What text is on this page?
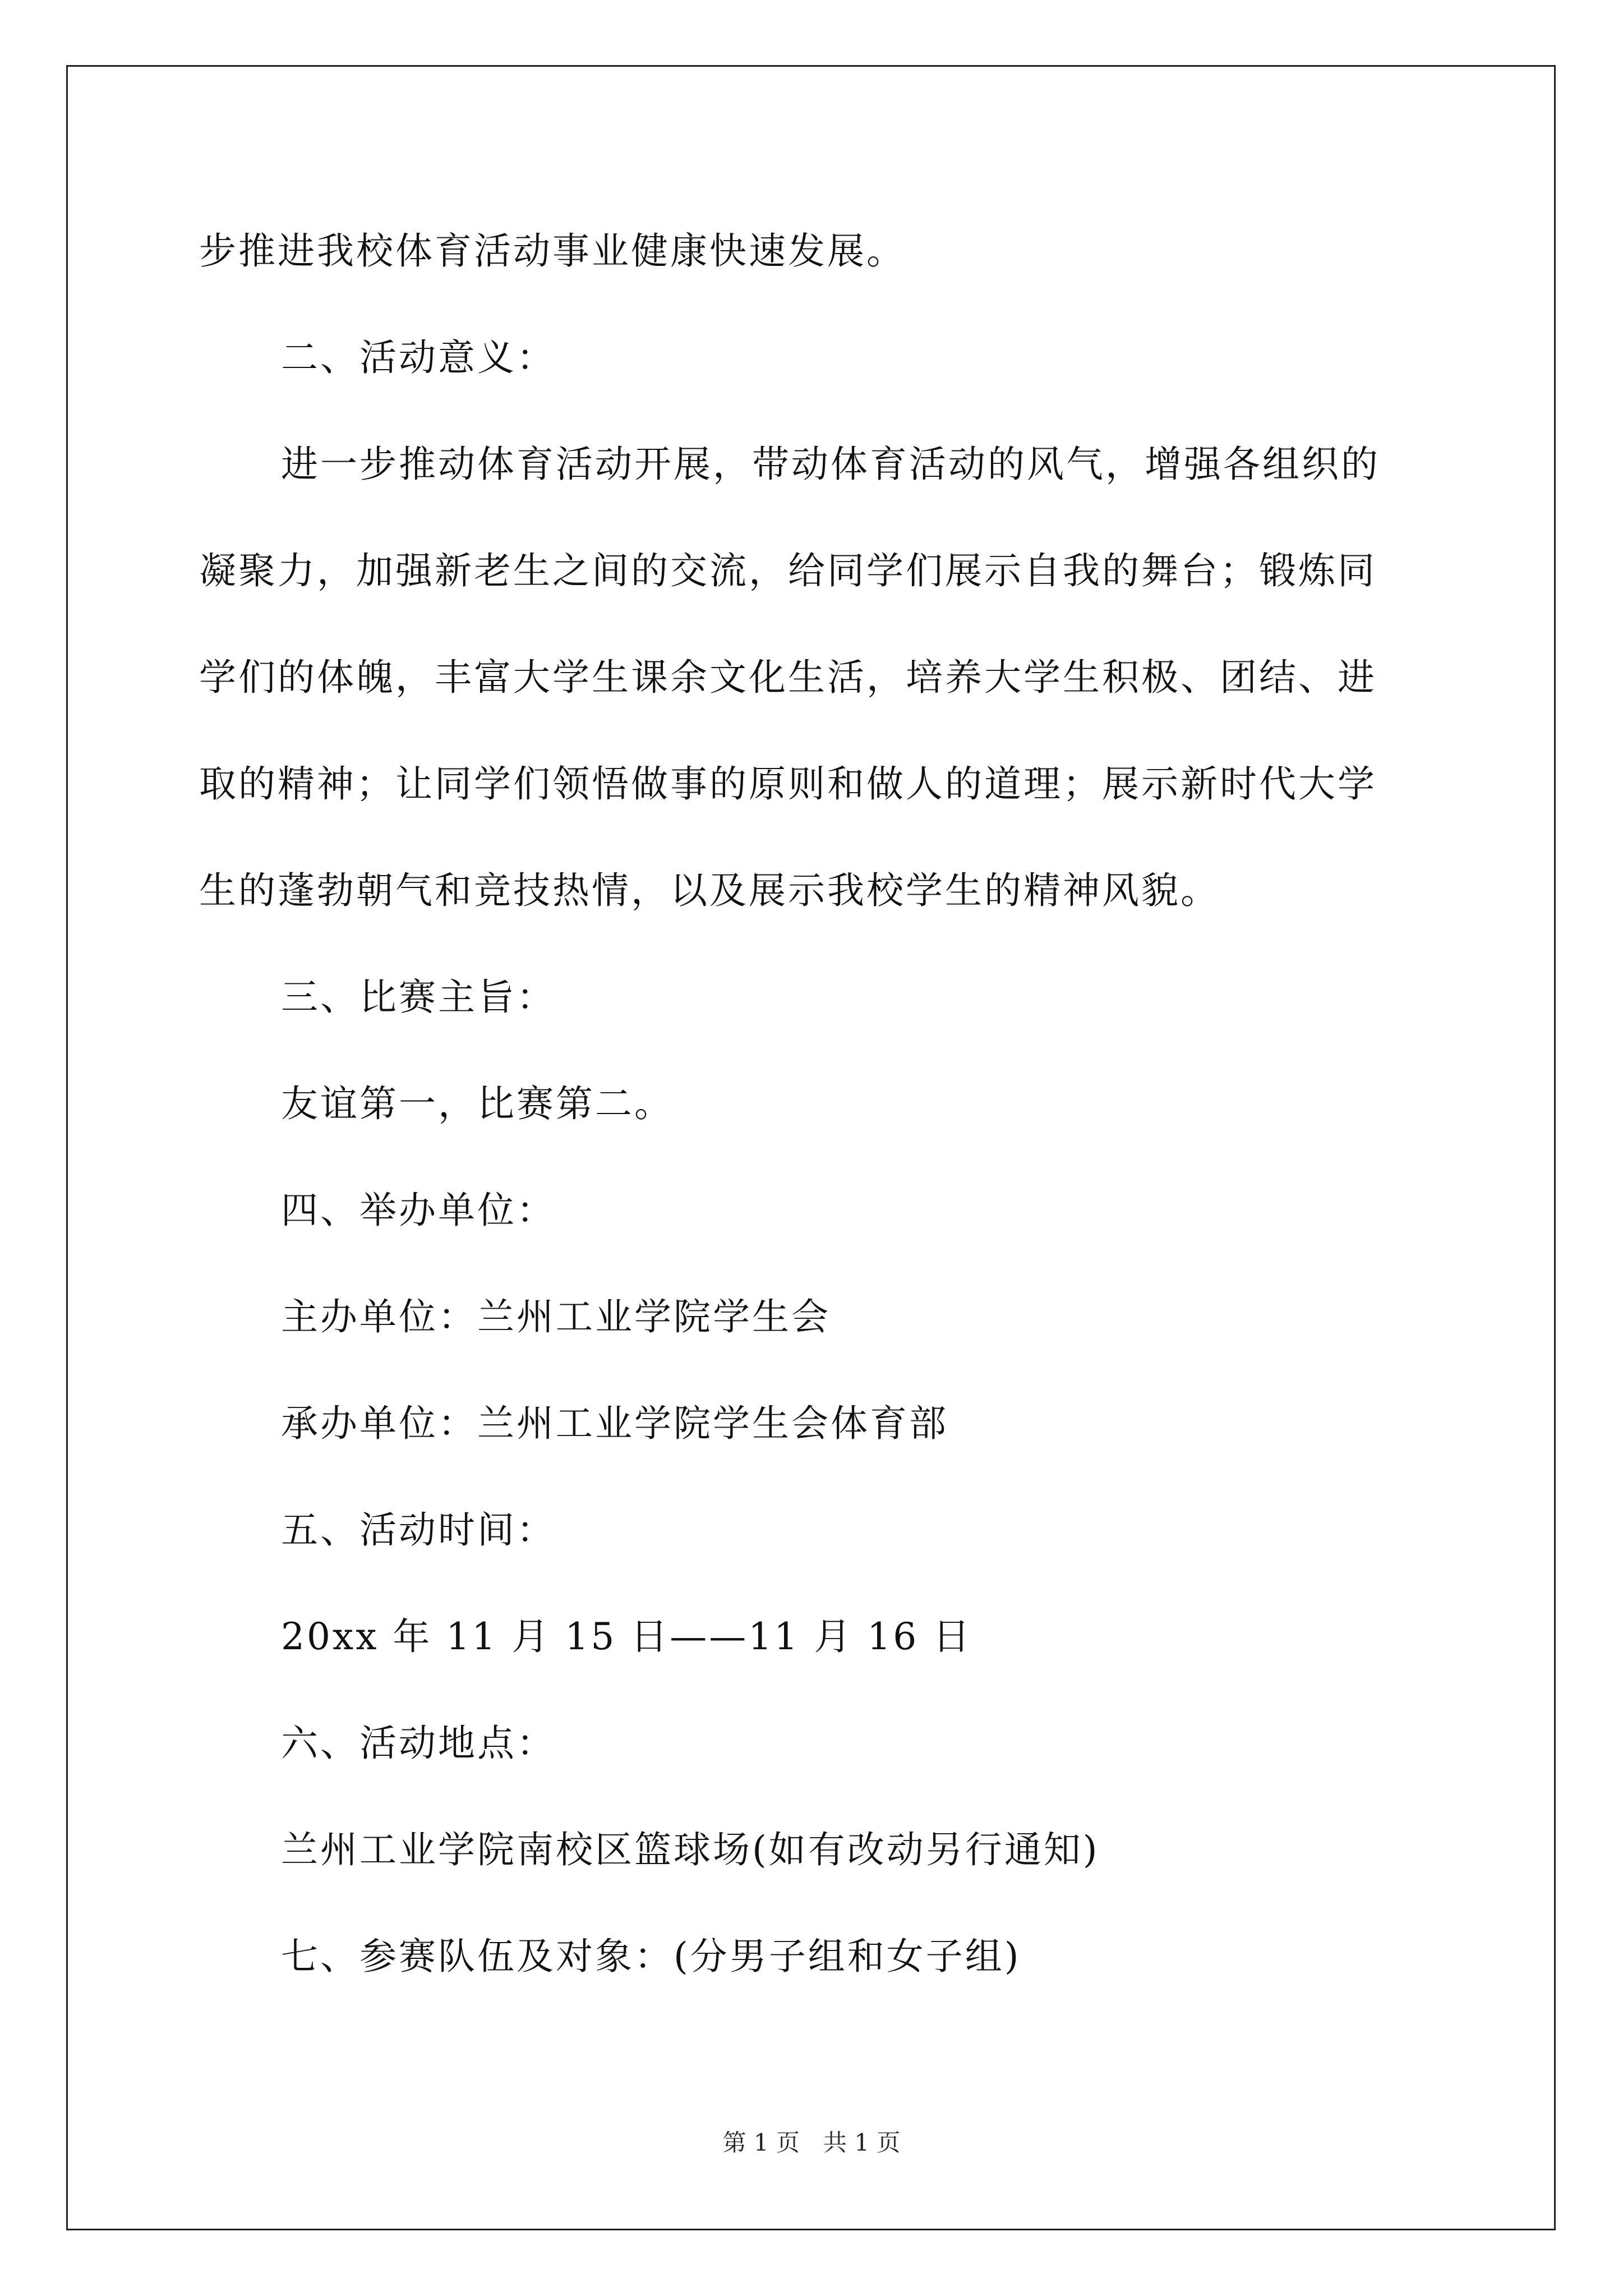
步推进我校体育活动事业健康快速发展。
二、活动意义：
进一步推动体育活动开展，带动体育活动的风气，增强各组织的
凝聚力，加强新老生之间的交流，给同学们展示自我的舞台；锻炼同
学们的体魄，丰富大学生课余文化生活，培养大学生积极、团结、进
取的精神；让同学们领悟做事的原则和做人的道理；展示新时代大学
生的蓬勃朝气和竞技热情，以及展示我校学生的精神风貌。
三、比赛主旨：
友谊第一，比赛第二。
四、举办单位：
主办单位：兰州工业学院学生会
承办单位：兰州工业学院学生会体育部
五、活动时间：
20xx 年 11 月 15 日——11 月 16 日
六、活动地点：
兰州工业学院南校区篮球场(如有改动另行通知)
七、参赛队伍及对象：(分男子组和女子组)
第 1 页　共 1 页
